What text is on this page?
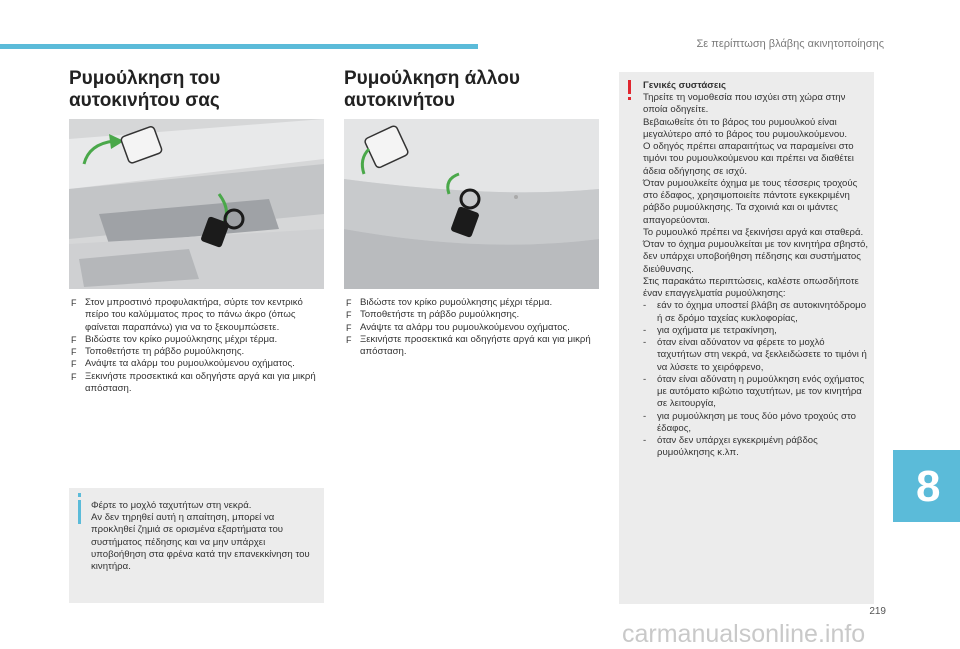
Σε περίπτωση βλάβης ακινητοποίησης
Ρυμούλκηση του αυτοκινήτου σας
F Στον μπροστινό προφυλακτήρα, σύρτε τον κεντρικό πείρο του καλύμματος προς το πάνω άκρο (όπως φαίνεται παραπάνω) για να το ξεκουμπώσετε.
F Βιδώστε τον κρίκο ρυμούλκησης μέχρι τέρμα.
F Τοποθετήστε τη ράβδο ρυμούλκησης.
F Ανάψτε τα αλάρμ του ρυμουλκούμενου οχήματος.
F Ξεκινήστε προσεκτικά και οδηγήστε αργά και για μικρή απόσταση.

Φέρτε το μοχλό ταχυτήτων στη νεκρά.
Αν δεν τηρηθεί αυτή η απαίτηση, μπορεί να προκληθεί ζημιά σε ορισμένα εξαρτήματα του συστήματος πέδησης και να μην υπάρχει υποβοήθηση στα φρένα κατά την επανεκκίνηση του κινητήρα.

Ρυμούλκηση άλλου αυτοκινήτου
F Βιδώστε τον κρίκο ρυμούλκησης μέχρι τέρμα.
F Τοποθετήστε τη ράβδο ρυμούλκησης.
F Ανάψτε τα αλάρμ του ρυμουλκούμενου οχήματος.
F Ξεκινήστε προσεκτικά και οδηγήστε αργά και για μικρή απόσταση.
Γενικές συστάσεις
Τηρείτε τη νομοθεσία που ισχύει στη χώρα στην οποία οδηγείτε.
Βεβαιωθείτε ότι το βάρος του ρυμουλκού είναι μεγαλύτερο από το βάρος του ρυμουλκούμενου.
Ο οδηγός πρέπει απαραιτήτως να παραμείνει στο τιμόνι του ρυμουλκούμενου και πρέπει να διαθέτει άδεια οδήγησης σε ισχύ.
Όταν ρυμουλκείτε όχημα με τους τέσσερις τροχούς στο έδαφος, χρησιμοποιείτε πάντοτε εγκεκριμένη ράβδο ρυμούλκησης. Τα σχοινιά και οι ιμάντες απαγορεύονται.
Το ρυμουλκό πρέπει να ξεκινήσει αργά και σταθερά.
Όταν το όχημα ρυμουλκείται με τον κινητήρα σβηστό, δεν υπάρχει υποβοήθηση πέδησης και συστήματος διεύθυνσης.
Στις παρακάτω περιπτώσεις, καλέστε οπωσδήποτε έναν επαγγελματία ρυμούλκησης:
- εάν το όχημα υποστεί βλάβη σε αυτοκινητόδρομο ή σε δρόμο ταχείας κυκλοφορίας,
- για οχήματα με τετρακίνηση,
- όταν είναι αδύνατον να φέρετε το μοχλό ταχυτήτων στη νεκρά, να ξεκλειδώσετε το τιμόνι ή να λύσετε το χειρόφρενο,
- όταν είναι αδύνατη η ρυμούλκηση ενός οχήματος με αυτόματο κιβώτιο ταχυτήτων, με τον κινητήρα σε λειτουργία,
- για ρυμούλκηση με τους δύο μόνο τροχούς στο έδαφος,
- όταν δεν υπάρχει εγκεκριμένη ράβδος ρυμούλκησης κ.λπ.
8
219
carmanualsonline.info
